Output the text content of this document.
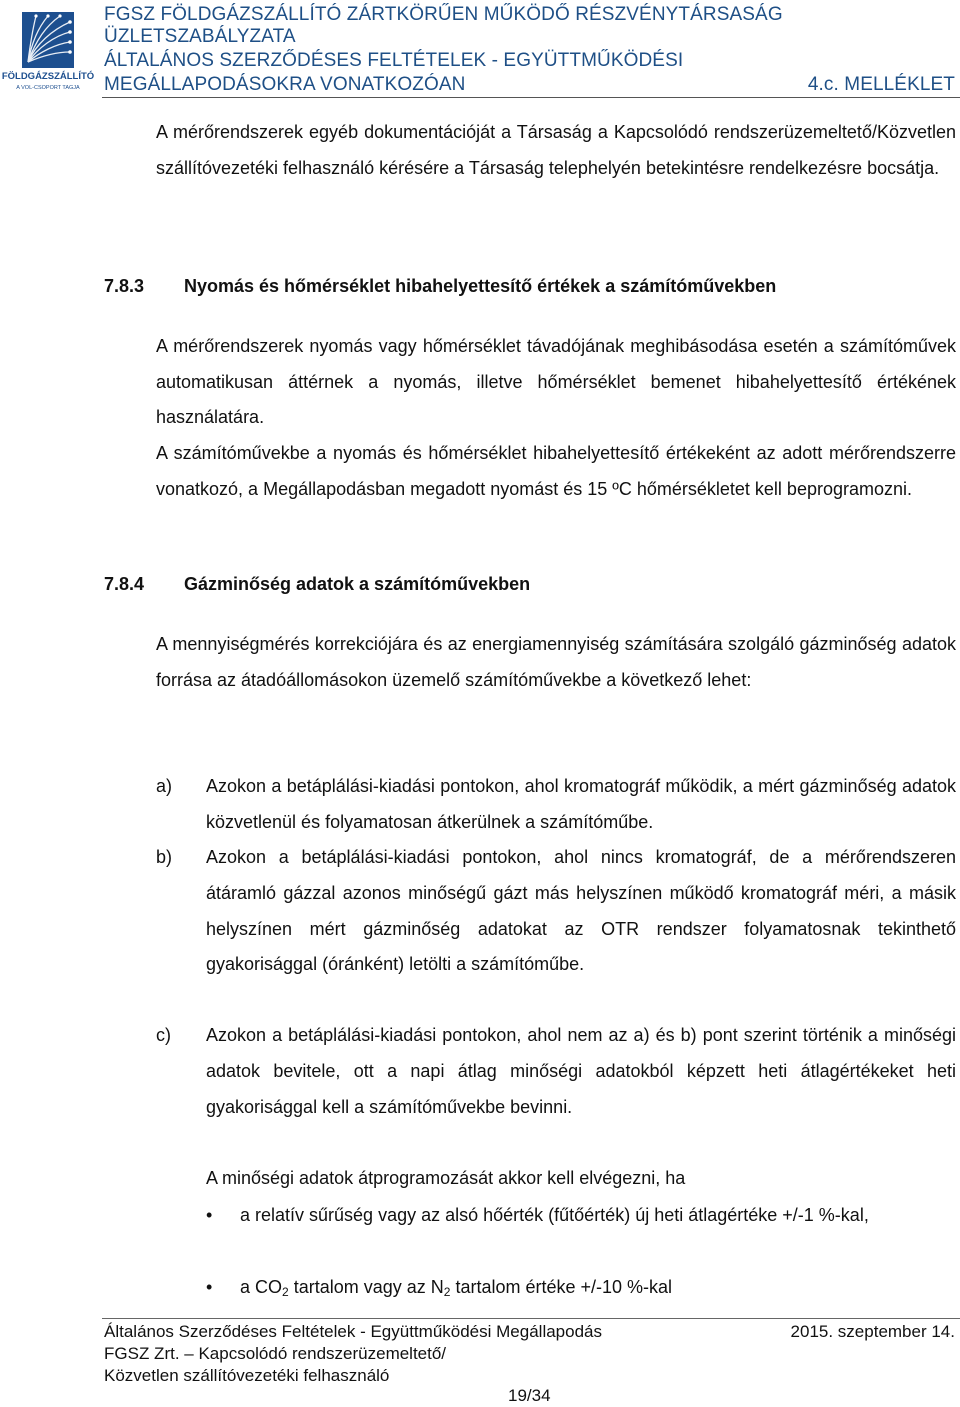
FÖLDGÁZSZÁLLÍTÓ
A VOL-CSOPORT TAGJA
FGSZ FÖLDGÁZSZÁLLÍTÓ ZÁRTKÖRŰEN MŰKÖDŐ RÉSZVÉNYTÁRSASÁG
ÜZLETSZABÁLYZATA
ÁLTALÁNOS SZERZŐDÉSES FELTÉTELEK - EGYÜTTMŰKÖDÉSI
MEGÁLLAPODÁSOKRA VONATKOZÓAN	4.c. MELLÉKLET
A mérőrendszerek egyéb dokumentációját a Társaság a Kapcsolódó rendszerüzemeltető/Közvetlen szállítóvezetéki felhasználó kérésére a Társaság telephelyén betekintésre rendelkezésre bocsátja.
7.8.3 Nyomás és hőmérséklet hibahelyettesítő értékek a számítóművekben
A mérőrendszerek nyomás vagy hőmérséklet távadójának meghibásodása esetén a számítóművek automatikusan áttérnek a nyomás, illetve hőmérséklet bemenet hibahelyettesítő értékének használatára.
A számítóművekbe a nyomás és hőmérséklet hibahelyettesítő értékeként az adott mérőrendszerre vonatkozó, a Megállapodásban megadott nyomást és 15 ºC hőmérsékletet kell beprogramozni.
7.8.4 Gázminőség adatok a számítóművekben
A mennyiségmérés korrekciójára és az energiamennyiség számítására szolgáló gázminőség adatok forrása az átadóállomásokon üzemelő számítóművekbe a következő lehet:
a) Azokon a betáplálási-kiadási pontokon, ahol kromatográf működik, a mért gázminőség adatok közvetlenül és folyamatosan átkerülnek a számítóműbe.
b) Azokon a betáplálási-kiadási pontokon, ahol nincs kromatográf, de a mérőrendszeren átáramló gázzal azonos minőségű gázt más helyszínen működő kromatográf méri, a másik helyszínen mért gázminőség adatokat az OTR rendszer folyamatosnak tekinthető gyakorisággal (óránként) letölti a számítóműbe.
c) Azokon a betáplálási-kiadási pontokon, ahol nem az a) és b) pont szerint történik a minőségi adatok bevitele, ott a napi átlag minőségi adatokból képzett heti átlagértékeket heti gyakorisággal kell a számítóművekbe bevinni.
A minőségi adatok átprogramozását akkor kell elvégezni, ha
• a relatív sűrűség vagy az alsó hőérték (fűtőérték) új heti átlagértéke +/-1 %-kal,
• a $CO_2$ tartalom vagy az $N_2$ tartalom értéke +/-10 %-kal
Általános Szerződéses Feltételek - Együttműködési Megállapodás	2015. szeptember 14.
FGSZ Zrt. – Kapcsolódó rendszerüzemeltető/
Közvetlen szállítóvezetéki felhasználó
19/34
